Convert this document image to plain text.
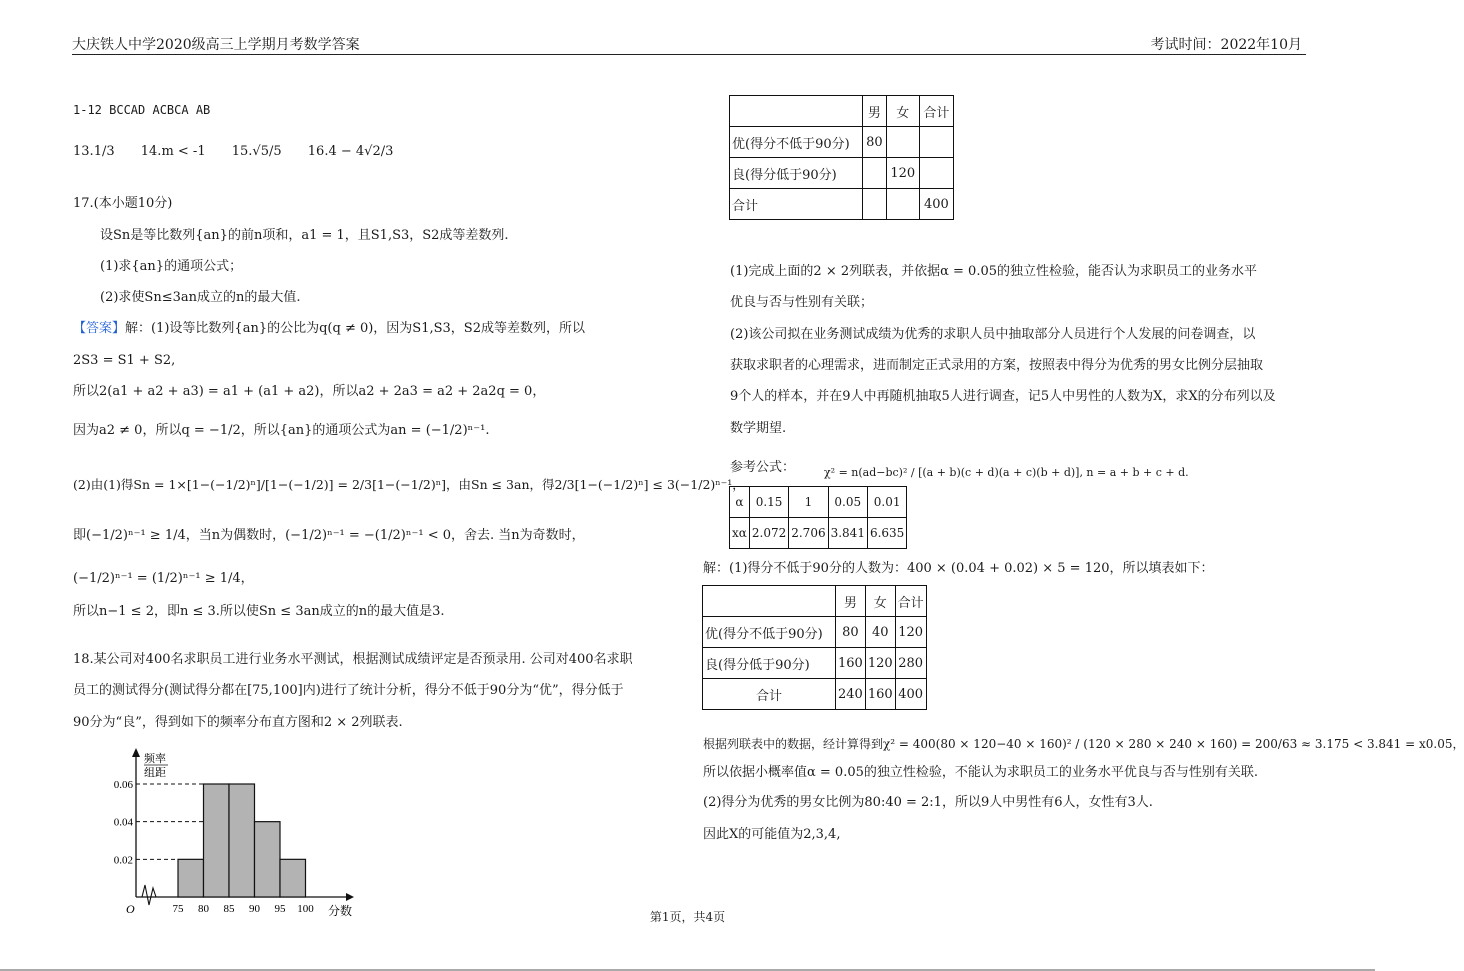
大庆铁人中学2020级高三上学期月考数学答案	考试时间：2022年10月
1-12 BCCAD ACBCA AB
13.1/3 14.m < -1 15.√5/5 16.4 − 4√2/3
17.(本小题10分)
设Sn是等比数列{an}的前n项和，a1 = 1，且S1,S3，S2成等差数列.
(1)求{an}的通项公式；
(2)求使Sn≤3an成立的n的最大值.
【答案】解：(1)设等比数列{an}的公比为q(q ≠ 0)，因为S1,S3，S2成等差数列，所以
2S3 = S1 + S2,
所以2(a1 + a2 + a3) = a1 + (a1 + a2)，所以a2 + 2a3 = a2 + 2a2q = 0，
因为a2 ≠ 0，所以q = −1/2，所以{an}的通项公式为an = (−1/2)ⁿ⁻¹.
(2)由(1)得Sn = 1×[1−(−1/2)ⁿ]/[1−(−1/2)] = 2/3[1−(−1/2)ⁿ]，由Sn ≤ 3an，得2/3[1−(−1/2)ⁿ] ≤ 3(−1/2)ⁿ⁻¹，
即(−1/2)ⁿ⁻¹ ≥ 1/4，当n为偶数时，(−1/2)ⁿ⁻¹ = −(1/2)ⁿ⁻¹ < 0，舍去. 当n为奇数时，
(−1/2)ⁿ⁻¹ = (1/2)ⁿ⁻¹ ≥ 1/4，
所以n−1 ≤ 2，即n ≤ 3.所以使Sn ≤ 3an成立的n的最大值是3.
18.某公司对400名求职员工进行业务水平测试，根据测试成绩评定是否预录用. 公司对400名求职
员工的测试得分(测试得分都在[75,100]内)进行了统计分析，得分不低于90分为“优”，得分低于
90分为“良”，得到如下的频率分布直方图和2 × 2列联表.
0.02
0.04
0.06
75 80 85 90 95 100
O	分数
频率
组距
	男	女	合计
优(得分不低于90分)	80		
良(得分低于90分)		120	
合计			400
(1)完成上面的2 × 2列联表，并依据α = 0.05的独立性检验，能否认为求职员工的业务水平
优良与否与性别有关联；
(2)该公司拟在业务测试成绩为优秀的求职人员中抽取部分人员进行个人发展的问卷调查，以
获取求职者的心理需求，进而制定正式录用的方案，按照表中得分为优秀的男女比例分层抽取
9个人的样本，并在9人中再随机抽取5人进行调查，记5人中男性的人数为X，求X的分布列以及
数学期望.
参考公式：	χ² = n(ad−bc)² / [(a + b)(c + d)(a + c)(b + d)], n = a + b + c + d.
α	0.15	1	0.05	0.01
xα	2.072	2.706	3.841	6.635
解：(1)得分不低于90分的人数为：400 × (0.04 + 0.02) × 5 = 120，所以填表如下：
	男	女	合计
优(得分不低于90分)	80	40	120
良(得分低于90分)	160	120	280
合计	240	160	400
根据列联表中的数据，经计算得到χ² = 400(80 × 120−40 × 160)² / (120 × 280 × 240 × 160) = 200/63 ≈ 3.175 < 3.841 = x0.05，
所以依据小概率值α = 0.05的独立性检验，不能认为求职员工的业务水平优良与否与性别有关联.
(2)得分为优秀的男女比例为80:40 = 2:1，所以9人中男性有6人，女性有3人.
因此X的可能值为2,3,4,
第1页，共4页
